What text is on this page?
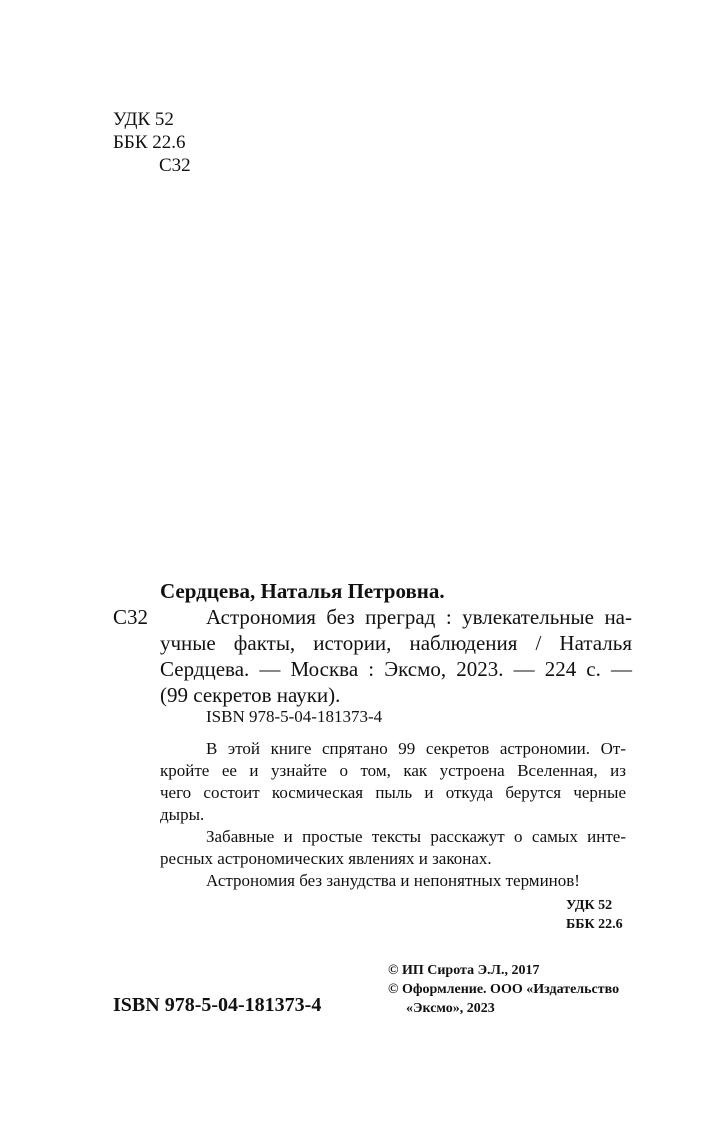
УДК 52
ББК 22.6
С32
Сердцева, Наталья Петровна.
С32	Астрономия без преград : увлекательные на-
учные факты, истории, наблюдения / Наталья
Сердцева. — Москва : Эксмо, 2023. — 224 с. —
(99 секретов науки).
ISBN 978-5-04-181373-4
В этой книге спрятано 99 секретов астрономии. От-
кройте ее и узнайте о том, как устроена Вселенная, из
чего состоит космическая пыль и откуда берутся черные
дыры.
Забавные и простые тексты расскажут о самых инте-
ресных астрономических явлениях и законах.
Астрономия без занудства и непонятных терминов!
УДК 52
ББК 22.6
© ИП Сирота Э.Л., 2017
© Оформление. ООО «Издательство
«Эксмо», 2023
ISBN 978-5-04-181373-4
